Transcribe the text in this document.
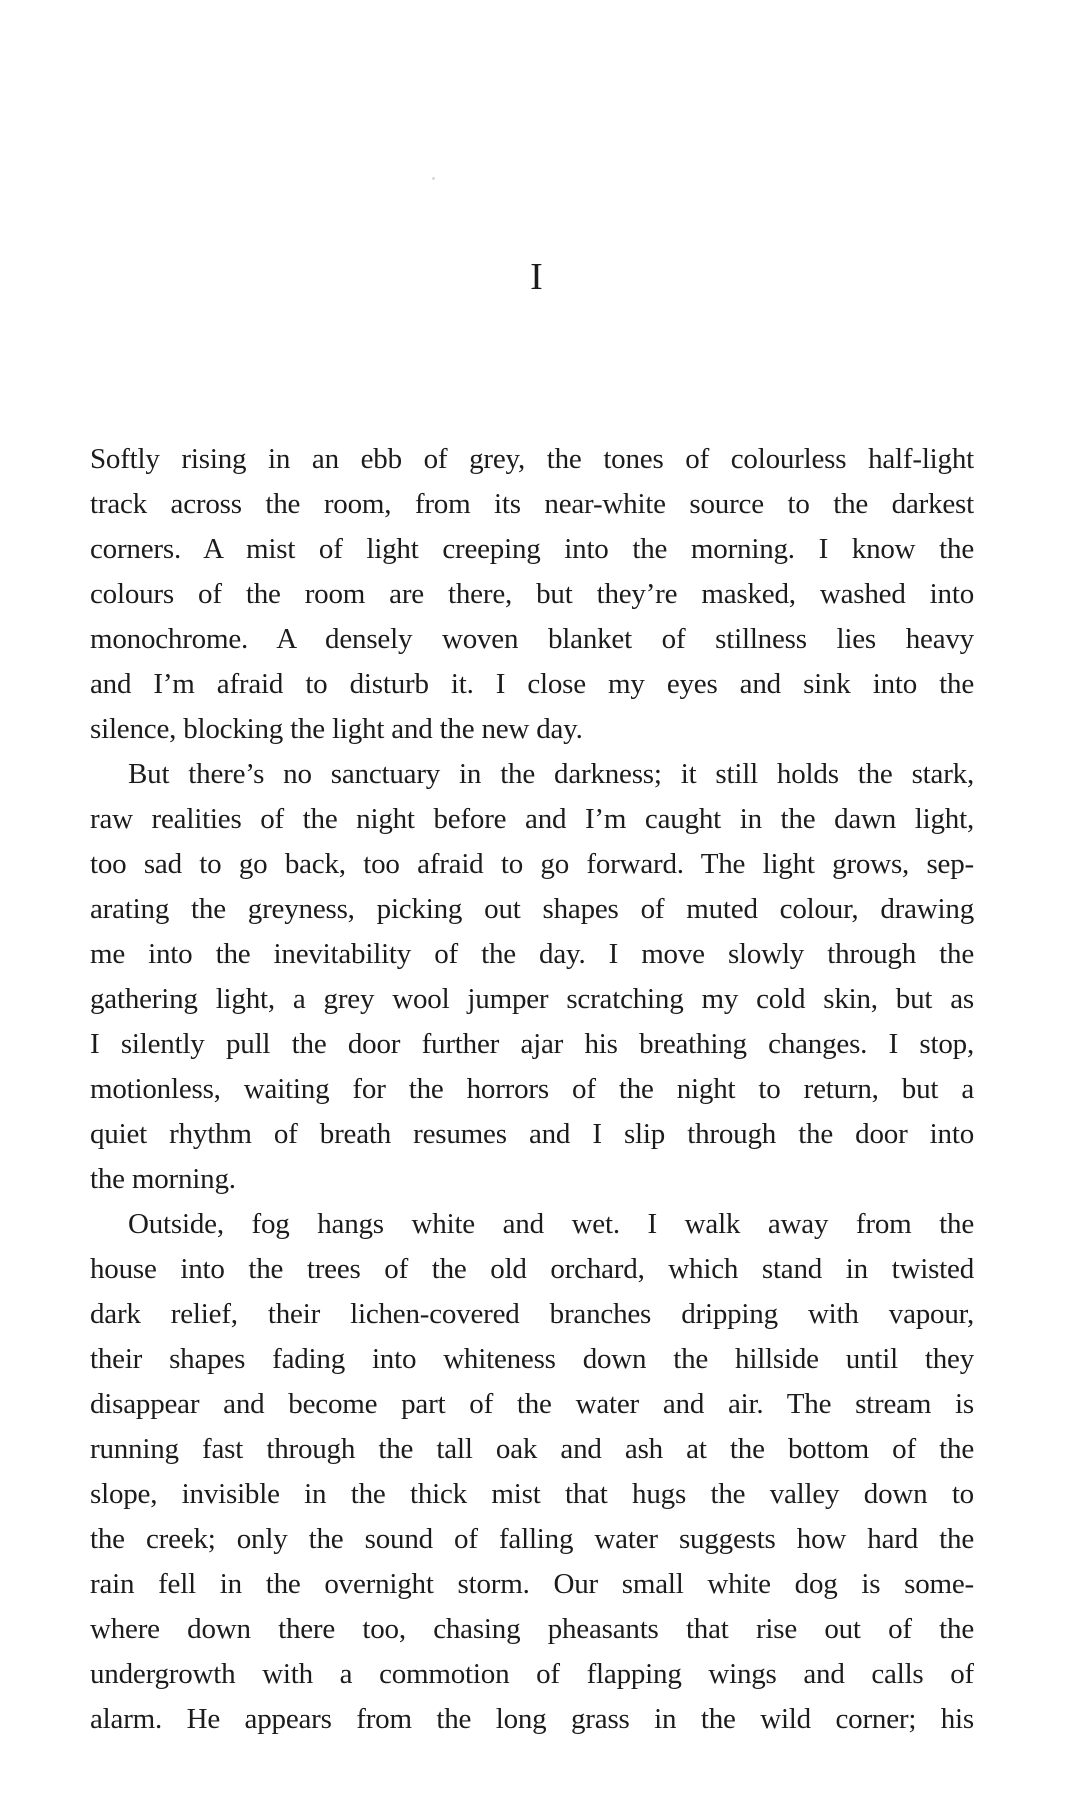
I
Softly rising in an ebb of grey, the tones of colourless half-light
track across the room, from its near-white source to the darkest
corners. A mist of light creeping into the morning. I know the
colours of the room are there, but they’re masked, washed into
monochrome. A densely woven blanket of stillness lies heavy
and I’m afraid to disturb it. I close my eyes and sink into the
silence, blocking the light and the new day.
But there’s no sanctuary in the darkness; it still holds the stark,
raw realities of the night before and I’m caught in the dawn light,
too sad to go back, too afraid to go forward. The light grows, sep-
arating the greyness, picking out shapes of muted colour, drawing
me into the inevitability of the day. I move slowly through the
gathering light, a grey wool jumper scratching my cold skin, but as
I silently pull the door further ajar his breathing changes. I stop,
motionless, waiting for the horrors of the night to return, but a
quiet rhythm of breath resumes and I slip through the door into
the morning.
Outside, fog hangs white and wet. I walk away from the
house into the trees of the old orchard, which stand in twisted
dark relief, their lichen-covered branches dripping with vapour,
their shapes fading into whiteness down the hillside until they
disappear and become part of the water and air. The stream is
running fast through the tall oak and ash at the bottom of the
slope, invisible in the thick mist that hugs the valley down to
the creek; only the sound of falling water suggests how hard the
rain fell in the overnight storm. Our small white dog is some-
where down there too, chasing pheasants that rise out of the
undergrowth with a commotion of flapping wings and calls of
alarm. He appears from the long grass in the wild corner; his
